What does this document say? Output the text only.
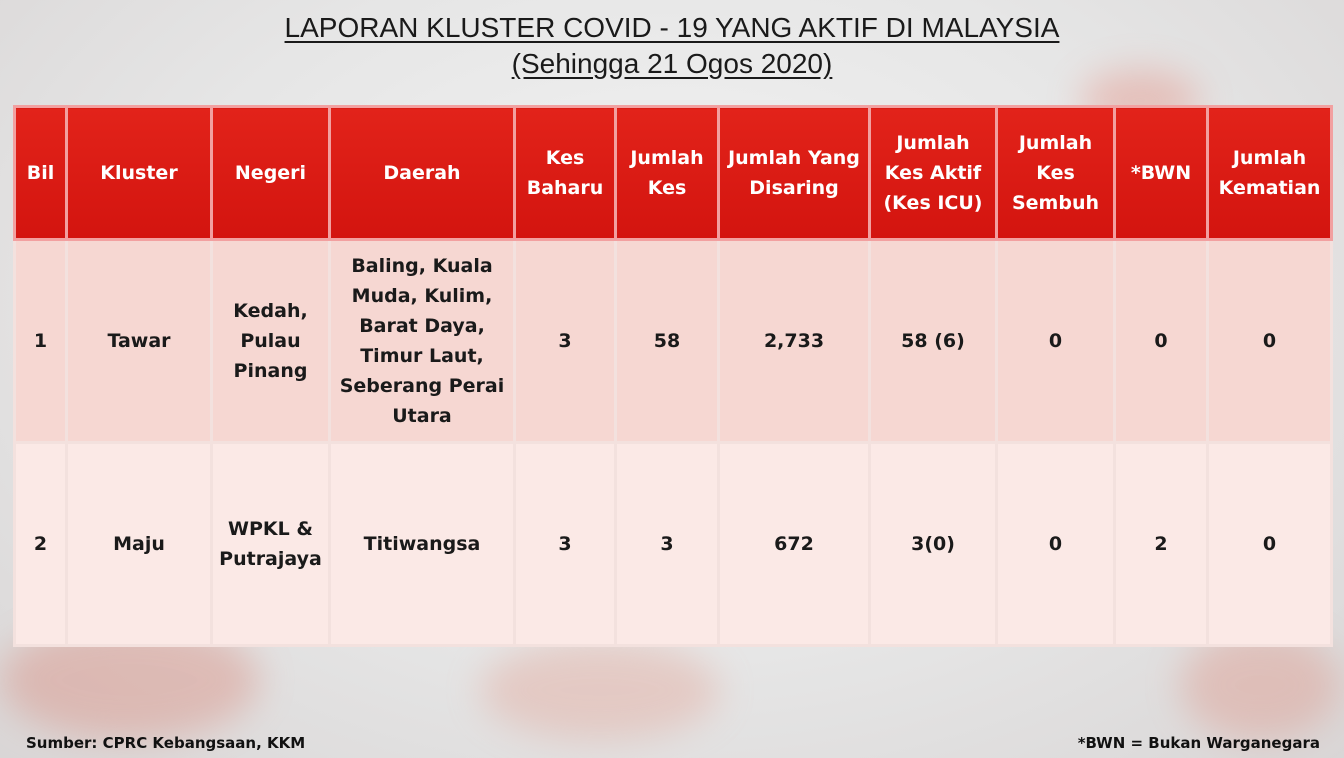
LAPORAN KLUSTER COVID - 19 YANG AKTIF DI MALAYSIA

(Sehingga 21 Ogos 2020)

Bil	Kluster	Negeri	Daerah	Kes Baharu	Jumlah Kes	Jumlah Yang Disaring	Jumlah Kes Aktif (Kes ICU)	Jumlah Kes Sembuh	*BWN	Jumlah Kematian
1	Tawar	Kedah, Pulau Pinang	Baling, Kuala Muda, Kulim, Barat Daya, Timur Laut, Seberang Perai Utara	3	58	2,733	58 (6)	0	0	0
2	Maju	WPKL & Putrajaya	Titiwangsa	3	3	672	3(0)	0	2	0
Sumber: CPRC Kebangsaan, KKM	*BWN = Bukan Warganegara
